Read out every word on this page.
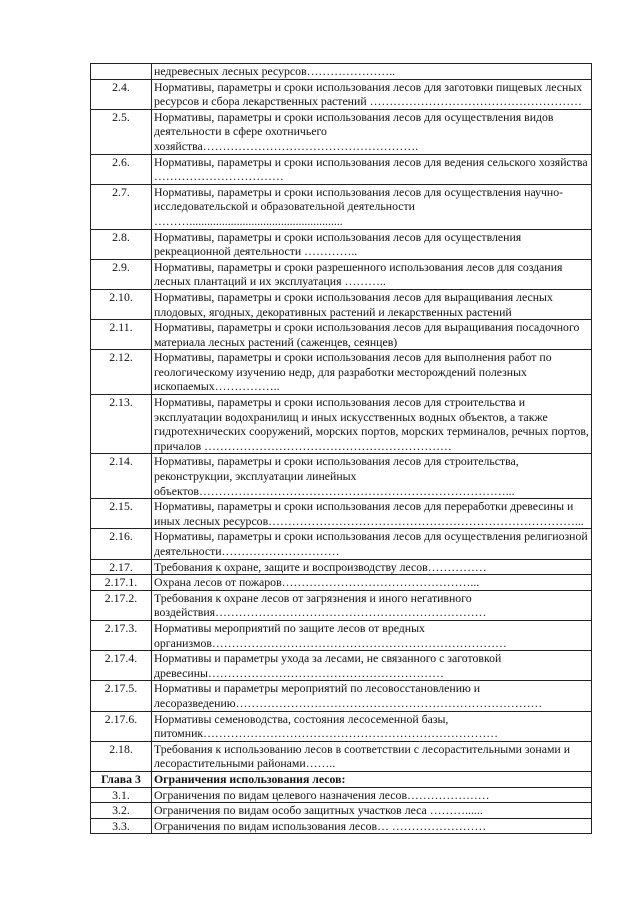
	недревесных лесных ресурсов…………………..
2.4.	Нормативы, параметры и сроки использования лесов для заготовки пищевых лесных ресурсов и сбора лекарственных растений ………………………………………………
2.5.	Нормативы, параметры и сроки использования лесов для осуществления видов деятельности в сфере охотничьего хозяйства……………………………………………….
2.6.	Нормативы, параметры и сроки использования лесов для ведения сельского хозяйства ……………………………
2.7.	Нормативы, параметры и сроки использования лесов для осуществления научно-исследовательской и образовательной деятельности ………....................................................
2.8.	Нормативы, параметры и сроки использования лесов для осуществления рекреационной деятельности …………..
2.9.	Нормативы, параметры и сроки разрешенного использования лесов для создания лесных плантаций и их эксплуатация ………..
2.10.	Нормативы, параметры и сроки использования лесов для выращивания лесных плодовых, ягодных, декоративных растений и лекарственных растений
2.11.	Нормативы, параметры и сроки использования лесов для выращивания посадочного материала лесных растений (саженцев, сеянцев)
2.12.	Нормативы, параметры и сроки использования лесов для выполнения работ по геологическому изучению недр, для разработки месторождений полезных ископаемых……………..
2.13.	Нормативы, параметры и сроки использования лесов для строительства и эксплуатации водохранилищ и иных искусственных водных объектов, а также гидротехнических сооружений, морских портов, морских терминалов, речных портов, причалов ………………………………………………………
2.14.	Нормативы, параметры и сроки использования лесов для строительства, реконструкции, эксплуатации линейных объектов……………………………………………………………………...
2.15.	Нормативы, параметры и сроки использования лесов для переработки древесины и иных лесных ресурсов……………………………………………………………………...
2.16.	Нормативы, параметры и сроки использования лесов для осуществления религиозной деятельности…………………………
2.17.	Требования к охране, защите и воспроизводству лесов……………
2.17.1.	Охрана лесов от пожаров…………………………………………...
2.17.2.	Требования к охране лесов от загрязнения и иного негативного воздействия……………………………………………………………
2.17.3.	Нормативы мероприятий по защите лесов от вредных организмов…………………………………………………………………
2.17.4.	Нормативы и параметры ухода за лесами, не связанного с заготовкой древесины……………………………………………………
2.17.5.	Нормативы и параметры мероприятий по лесовосстановлению и лесоразведению……………………………………………………………………
2.17.6.	Нормативы семеноводства, состояния лесосеменной базы, питомник…………………………………………………………………
2.18.	Требования к использованию лесов в соответствии с лесорастительными зонами и лесорастительными районами……..
Глава 3	Ограничения использования лесов:
3.1.	Ограничения по видам целевого назначения лесов…………………
3.2.	Ограничения по видам особо защитных участков леса ………......
3.3.	Ограничения по видам использования лесов… ……………………
